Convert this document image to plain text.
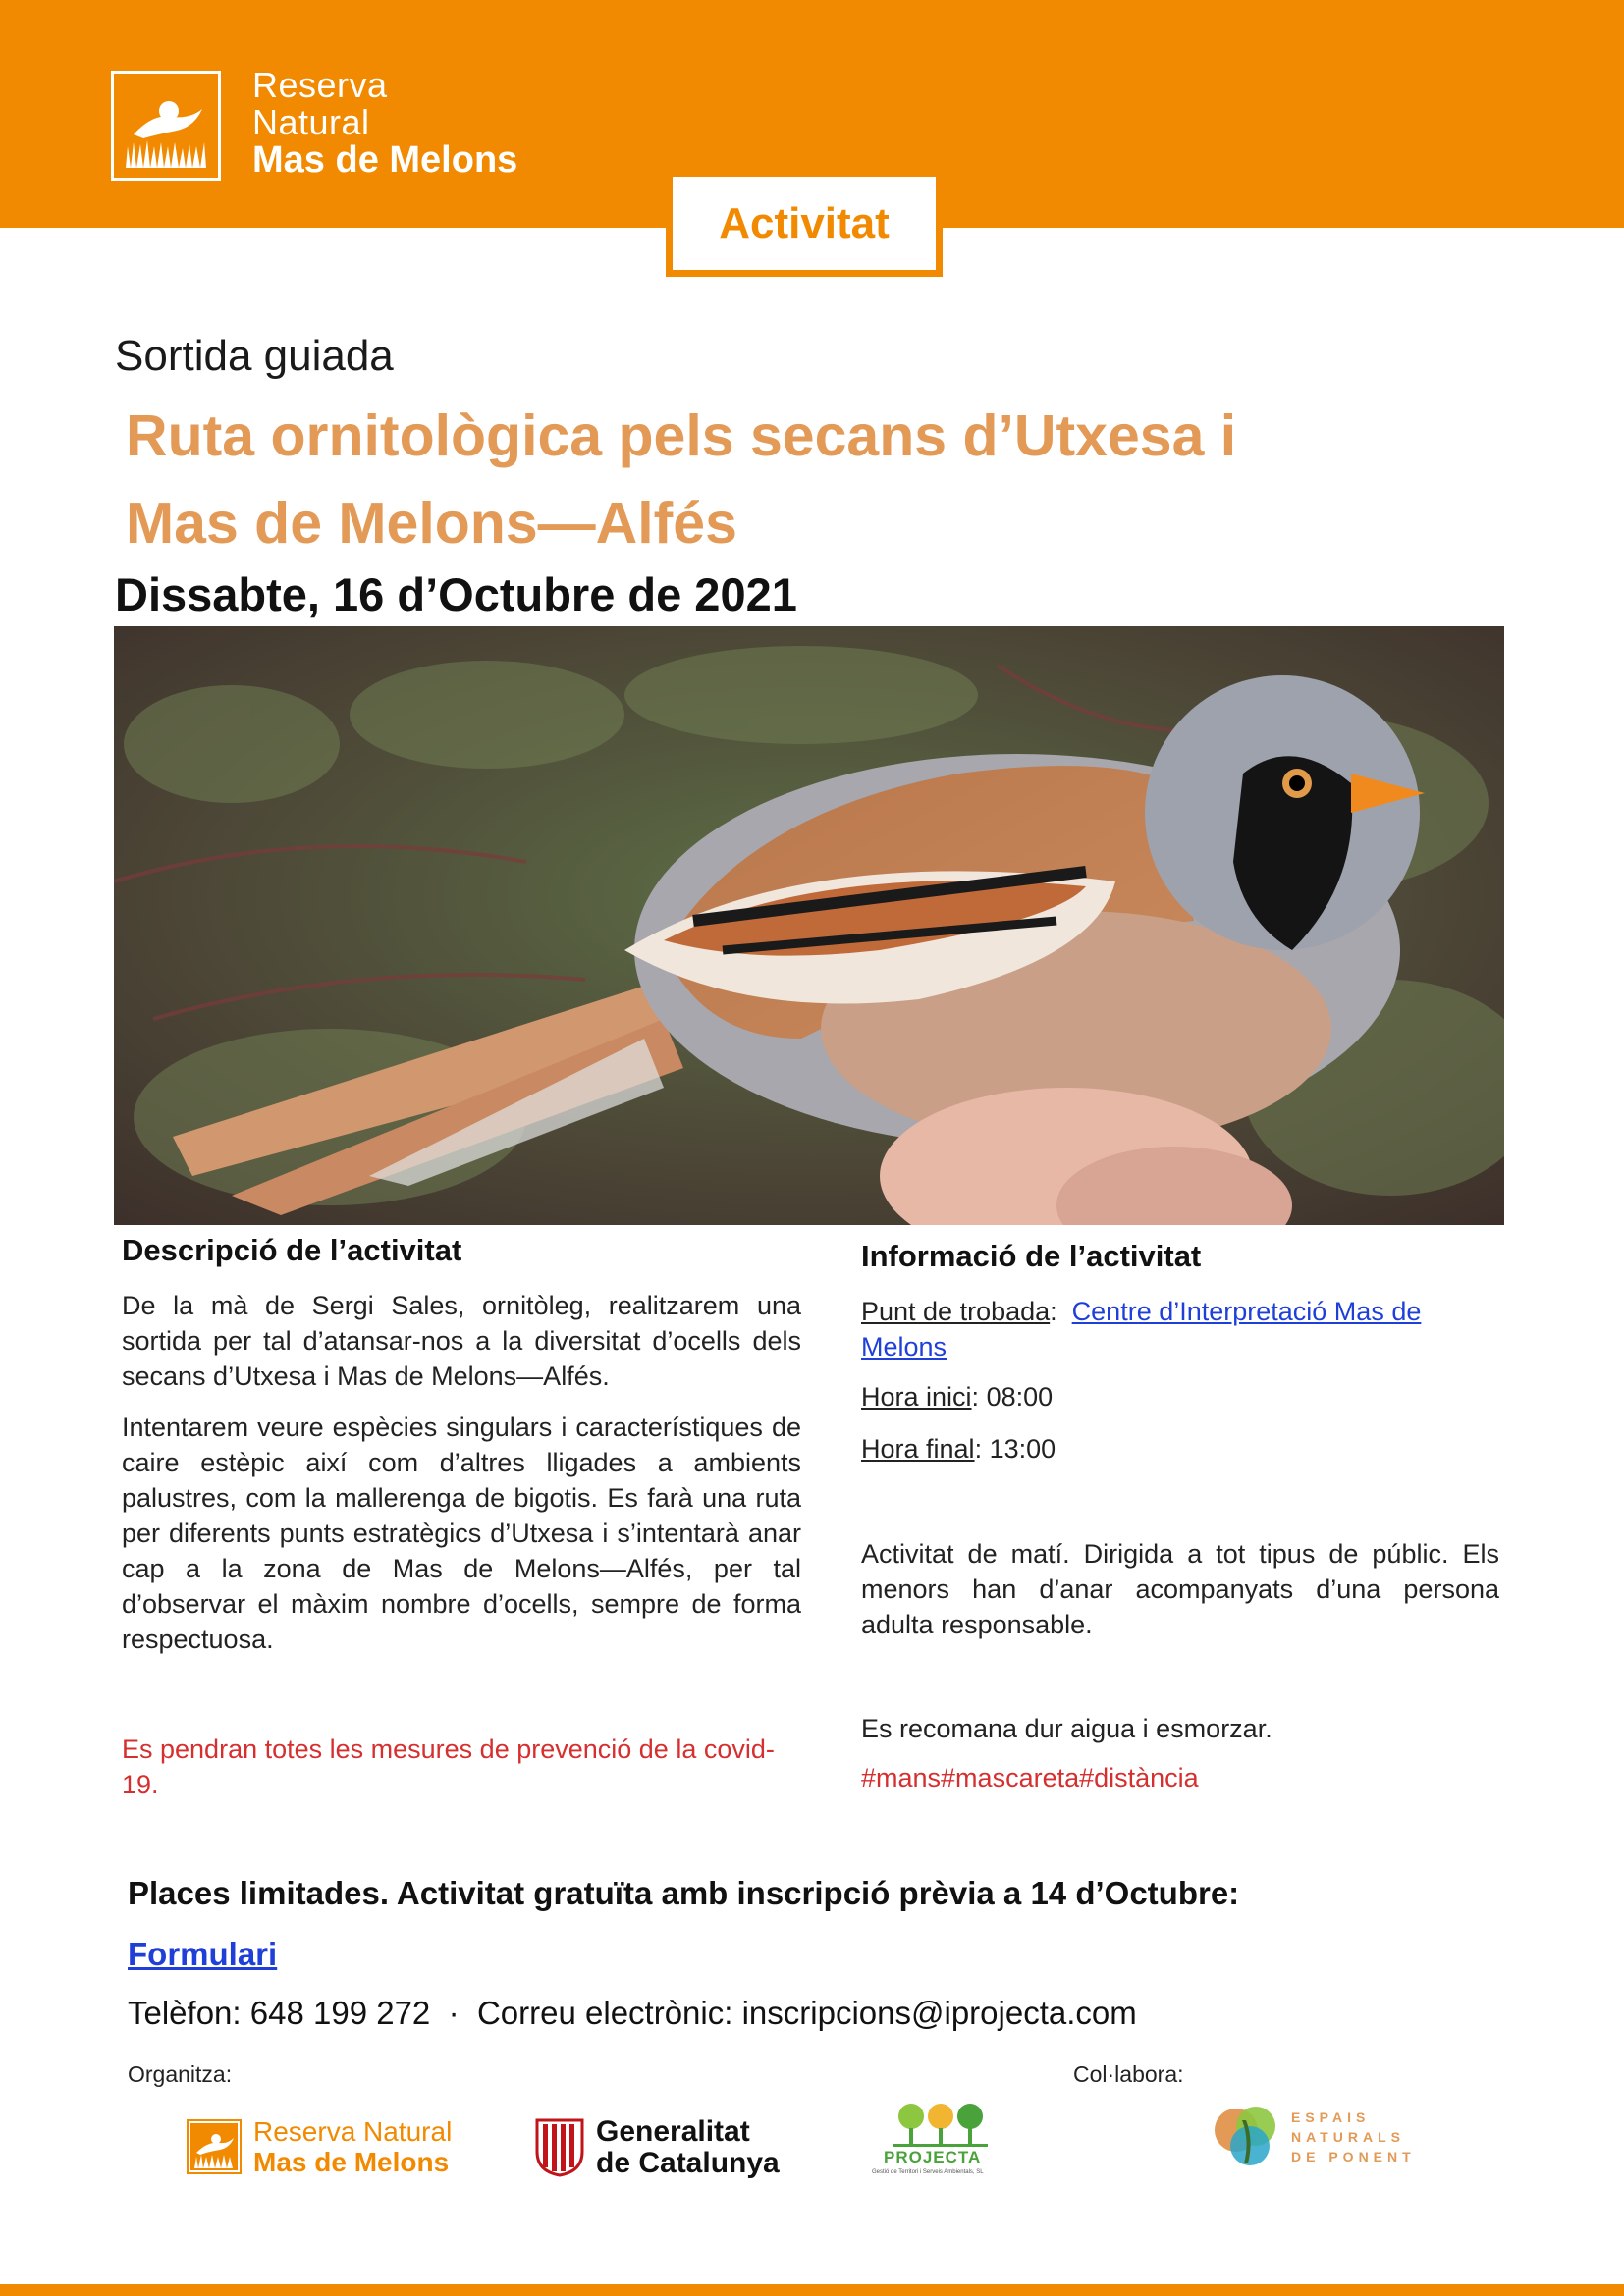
Reserva
Natural
Mas de Melons
Activitat
Sortida guiada
Ruta ornitològica pels secans d’Utxesa i
Mas de Melons—Alfés
Dissabte, 16 d’Octubre de 2021
Descripció de l’activitat
De la mà de Sergi Sales, ornitòleg, realitzarem una sortida per tal d’atansar-nos a la diversitat d’ocells dels secans d’Utxesa i Mas de Melons—Alfés.
Intentarem veure espècies singulars i característiques de caire estèpic així com d’altres lligades a ambients palustres, com la mallerenga de bigotis. Es farà una ruta per diferents punts estratègics d’Utxesa i s’intentarà anar cap a la zona de Mas de Melons—Alfés, per tal d’observar el màxim nombre d’ocells, sempre de forma respectuosa.
Es pendran totes les mesures de prevenció de la covid-19.
Informació de l’activitat
Punt de trobada:  Centre d’Interpretació Mas de Melons
Hora inici: 08:00
Hora final: 13:00
Activitat de matí. Dirigida a tot tipus de públic. Els menors han d’anar acompanyats d’una persona adulta responsable.
Es recomana dur aigua i esmorzar.
#mans#mascareta#distància
Places limitades. Activitat gratuïta amb inscripció prèvia a 14 d’Octubre:
Formulari
Telèfon: 648 199 272 · Correu electrònic: inscripcions@iprojecta.com
Organitza:	Col·labora:
Reserva Natural
Mas de Melons
Generalitat
de Catalunya	PROJECTA
Gestió de Territori i Serveis Ambientals, SL
ESPAIS
NATURALS
DE PONENT
